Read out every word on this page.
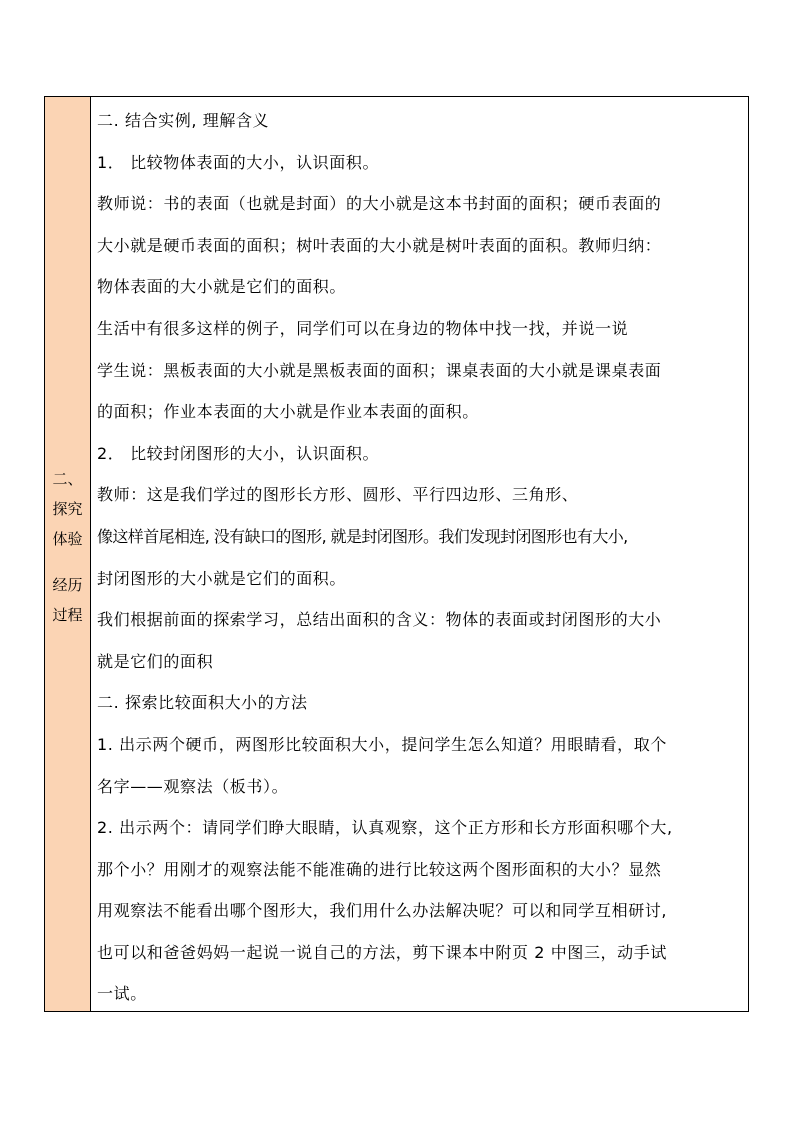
二、
探究
体验
经历
过程
二. 结合实例, 理解含义
1． 比较物体表面的大小，认识面积。
教师说：书的表面（也就是封面）的大小就是这本书封面的面积；硬币表面的
大小就是硬币表面的面积；树叶表面的大小就是树叶表面的面积。教师归纳：
物体表面的大小就是它们的面积。
生活中有很多这样的例子，同学们可以在身边的物体中找一找，并说一说
学生说：黑板表面的大小就是黑板表面的面积；课桌表面的大小就是课桌表面
的面积；作业本表面的大小就是作业本表面的面积。
2． 比较封闭图形的大小，认识面积。
教师：这是我们学过的图形长方形、圆形、平行四边形、三角形、
像这样首尾相连, 没有缺口的图形, 就是封闭图形。我们发现封闭图形也有大小,
封闭图形的大小就是它们的面积。
我们根据前面的探索学习，总结出面积的含义：物体的表面或封闭图形的大小
就是它们的面积
二. 探索比较面积大小的方法
1. 出示两个硬币，两图形比较面积大小，提问学生怎么知道？用眼睛看，取个
名字——观察法（板书）。
2. 出示两个：请同学们睁大眼睛，认真观察，这个正方形和长方形面积哪个大,
那个小？用刚才的观察法能不能准确的进行比较这两个图形面积的大小？显然
用观察法不能看出哪个图形大，我们用什么办法解决呢？可以和同学互相研讨,
也可以和爸爸妈妈一起说一说自己的方法，剪下课本中附页 2 中图三，动手试
一试。
